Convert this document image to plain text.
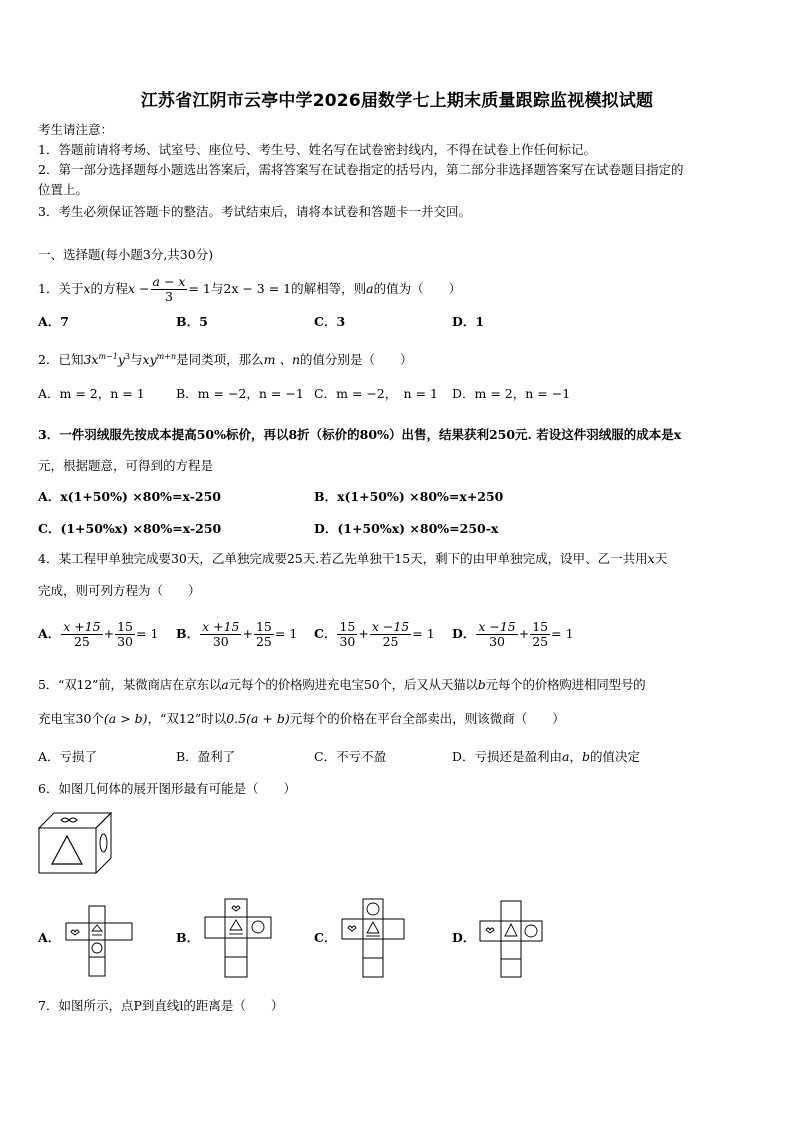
江苏省江阴市云亭中学2026届数学七上期末质量跟踪监视模拟试题
考生请注意：
1．答题前请将考场、试室号、座位号、考生号、姓名写在试卷密封线内，不得在试卷上作任何标记。
2．第一部分选择题每小题选出答案后，需将答案写在试卷指定的括号内，第二部分非选择题答案写在试卷题目指定的
位置上。
3．考生必须保证答题卡的整洁。考试结束后，请将本试卷和答题卡一并交回。
一、选择题(每小题3分,共30分)
1．关于x的方程$x - \frac{a - x}{3} = 1$与2x − 3 = 1的解相等，则a的值为（　　）
A．7	B．5	C．3	D．1
2．已知$3x^{m-1}y^3$与$xy^{m+n}$是同类项，那么m 、n的值分别是（　　）
A．m = 2，n = 1	B．m = −2，n = −1 C．m = −2，　n = 1 D．m = 2，n = −1
3．一件羽绒服先按成本提高50%标价，再以8折（标价的80%）出售，结果获利250元. 若设这件羽绒服的成本是x
元，根据题意，可得到的方程是
A．x(1+50%) ×80%=x-250	B．x(1+50%) ×80%=x+250
C．(1+50%x) ×80%=x-250	D．(1+50%x) ×80%=250-x
4．某工程甲单独完成要30天，乙单独完成要25天.若乙先单独干15天，剩下的由甲单独完成，设甲、乙一共用x天
完成，则可列方程为（　　）
A． $\frac{x +15}{25} + \frac{15}{30} = 1$ B． $\frac{x +15}{30} + \frac{15}{25} = 1$ C． $\frac{15}{30} + \frac{x -15}{25} = 1$ D． $\frac{x -15}{30} + \frac{15}{25} = 1$
5．“双12”前，某微商店在京东以a元每个的价格购进充电宝50个，后又从天猫以b元每个的价格购进相同型号的
充电宝30个(a > b)，“双12”时以0.5(a + b)元每个的价格在平台全部卖出，则该微商（　　）
A．亏损了	B．盈利了	C．不亏不盈	D．亏损还是盈利由a，b的值决定
6．如图几何体的展开图形最有可能是（　　）
A．	B．	C．	D．
7．如图所示，点P到直线l的距离是（　　）
